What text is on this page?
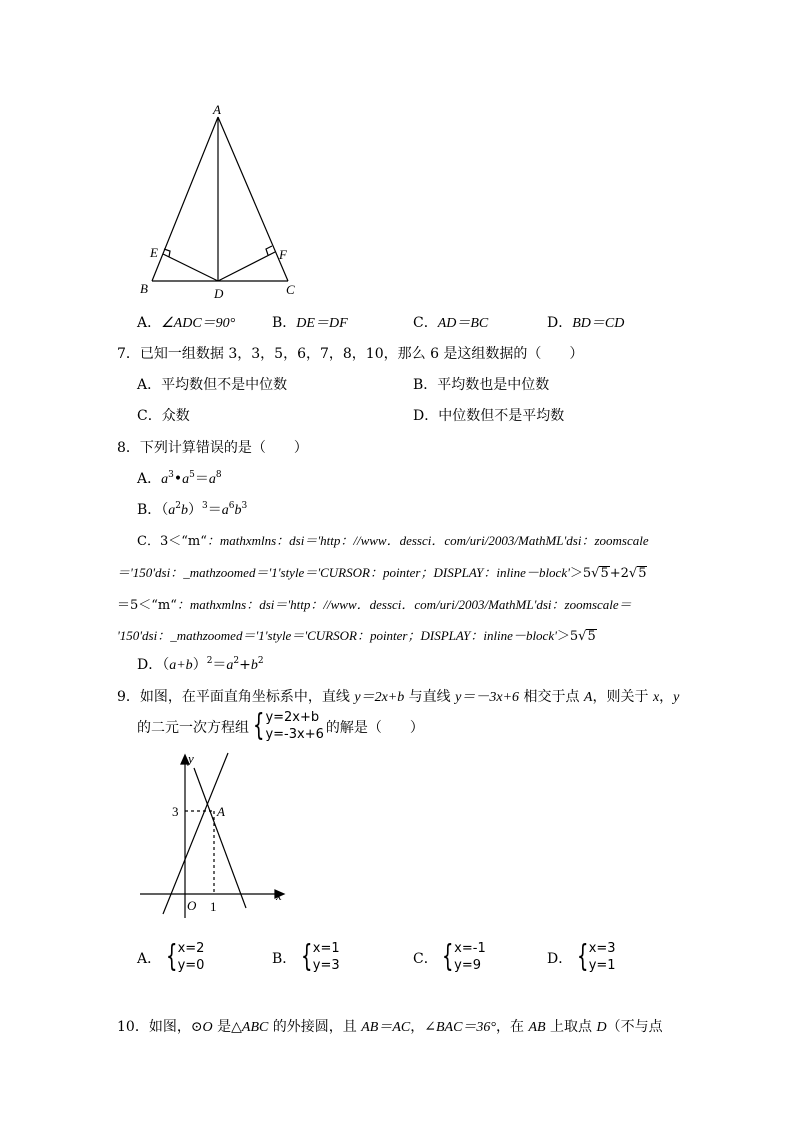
A
B	C
D
E	F
A．∠ADC＝90°	B．DE＝DF	C．AD＝BC	D．BD＝CD
7．已知一组数据 3，3，5，6，7，8，10，那么 6 是这组数据的（　　）
A．平均数但不是中位数	B．平均数也是中位数
C．众数	D．中位数但不是平均数
8．下列计算错误的是（　　）
A．$a^3•a^5=a^8$
B．$(a^2b)^3=a^6b^3$
C．3＜“m“：mathxmlns：dsi＝'http：//www．dessci．com/uri/2003/MathML'dsi：zoomscale
＝'150'dsi：_mathzoomed＝'1'style＝'CURSOR：pointer；DISPLAY：inline－block'＞5√5+2√5
＝5＜“m“：mathxmlns：dsi＝'http：//www．dessci．com/uri/2003/MathML'dsi：zoomscale＝
'150'dsi：_mathzoomed＝'1'style＝'CURSOR：pointer；DISPLAY：inline－block'＞5√5
D．$(a+b)^2=a^2+b^2$
9．如图，在平面直角坐标系中，直线 y＝2x+b 与直线 y＝－3x+6 相交于点 A，则关于 x，y
的二元一次方程组 { y=2x+b
y=-3x+6 的解是（　　）
y
x
O
3
1
A
A． { x=2
y=0	B． { x=1
y=3	C． { x=-1
y=9	D． { x=3
y=1
10．如图，⊙O 是△ABC 的外接圆，且 AB＝AC，∠BAC＝36°，在 AB 上取点 D（不与点
